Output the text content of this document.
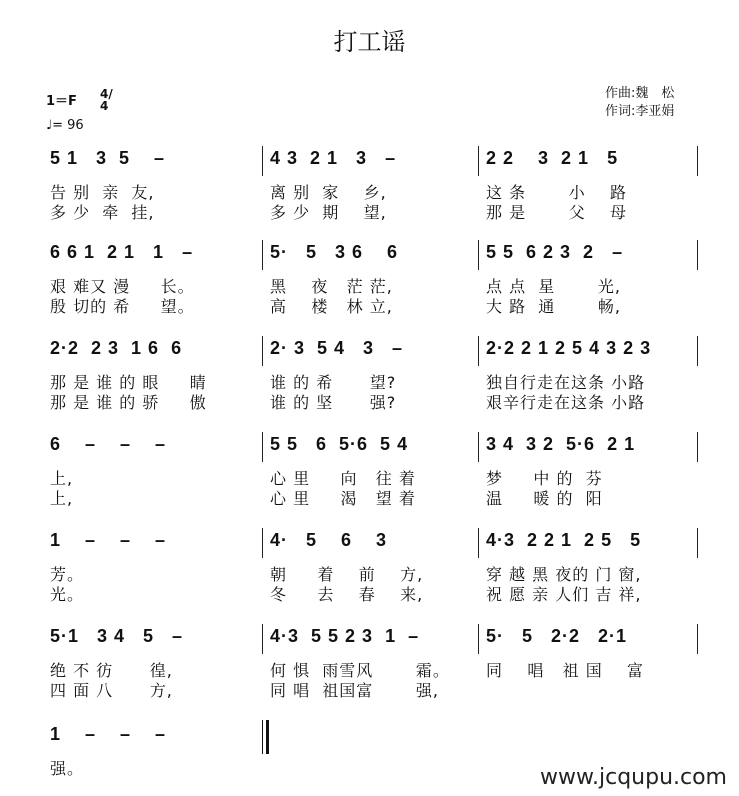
打工谣
1＝F 4/4
♩= 96
作曲:魏　松
作词:李亚娟
5 1   3  5    –
告 别  亲  友,
多 少  牵  挂,
4 3  2 1   3   –
离 别  家    乡,
多 少  期    望,
2 2    3  2 1   5
这 条       小    路
那 是       父    母
6 6 1  2 1   1   –
艰 难又 漫     长。
殷 切的 希     望。
5·   5   3 6    6
黑    夜   茫 茫,
高    楼   林 立,
5 5  6 2 3  2   –
点 点  星       光,
大 路  通       畅,
2·2  2 3  1 6  6
那 是 谁 的 眼     睛
那 是 谁 的 骄     傲
2· 3  5 4   3   –
谁 的 希      望?
谁 的 坚      强?
2·2 2 1 2 5 4 3 2 3
独自行走在这条 小路
艰辛行走在这条 小路
6    –    –    –
上,
上,
5 5   6  5·6  5 4
心 里     向   往 着
心 里     渴   望 着
3 4  3 2  5·6  2 1
梦     中 的  芬
温     暖 的  阳
1    –    –    –
芳。
光。
4·   5    6    3
朝     着    前    方,
冬     去    春    来,
4·3  2 2 1  2 5   5
穿 越 黑 夜的 门 窗,
祝 愿 亲 人们 吉 祥,
5·1   3 4   5   –
绝 不 彷      徨,
四 面 八      方,
4·3  5 5 2 3  1  –
何 惧  雨雪风       霜。
同 唱  祖国富       强,
5·   5   2·2   2·1
同    唱   祖 国    富
1    –    –    –
强。	www.jcqupu.com
